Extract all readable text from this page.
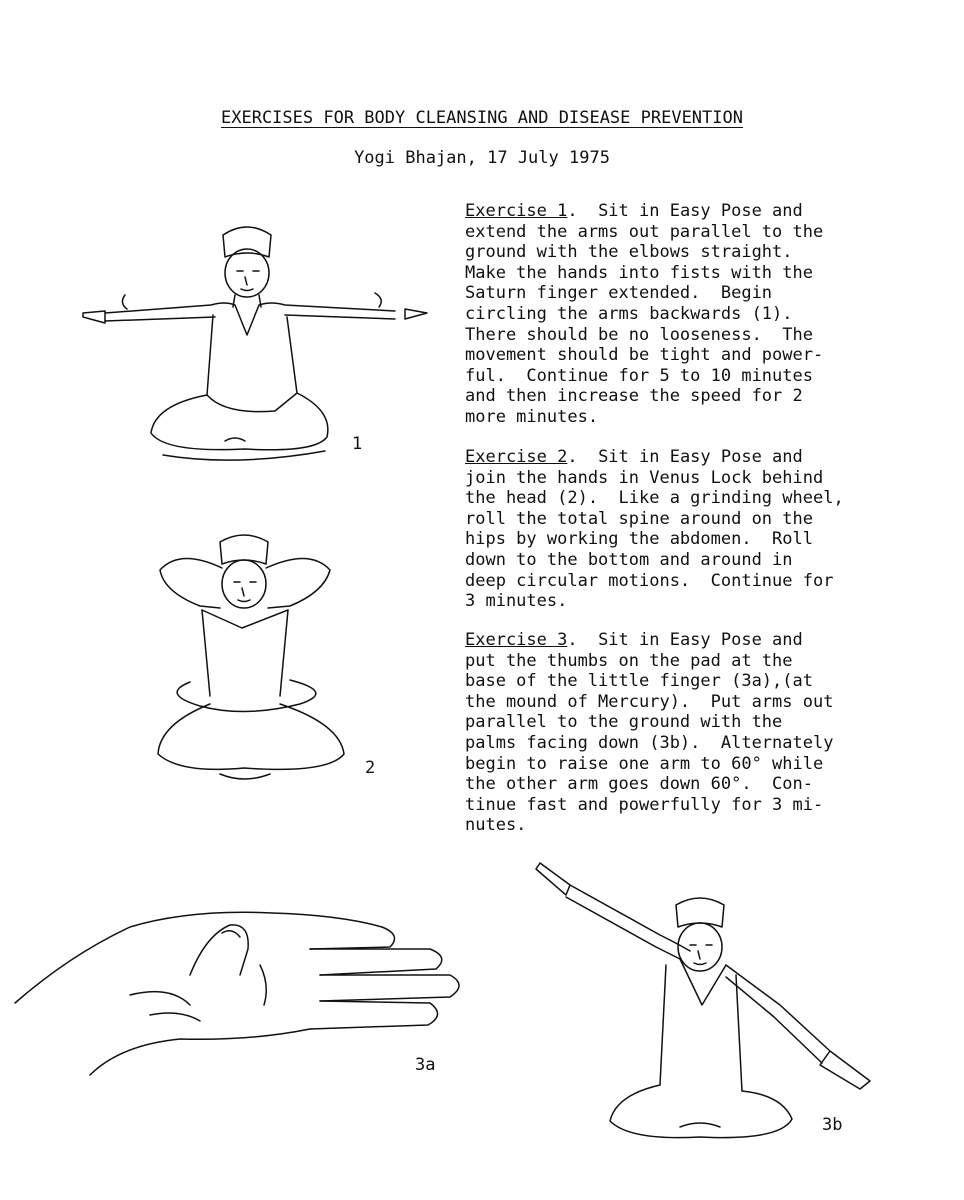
EXERCISES FOR BODY CLEANSING AND DISEASE PREVENTION
Yogi Bhajan, 17 July 1975
Exercise 1.  Sit in Easy Pose and
extend the arms out parallel to the
ground with the elbows straight.
Make the hands into fists with the
Saturn finger extended.  Begin
circling the arms backwards (1).
There should be no looseness.  The
movement should be tight and power-
ful.  Continue for 5 to 10 minutes
and then increase the speed for 2
more minutes.
Exercise 2.  Sit in Easy Pose and
join the hands in Venus Lock behind
the head (2).  Like a grinding wheel,
roll the total spine around on the
hips by working the abdomen.  Roll
down to the bottom and around in
deep circular motions.  Continue for
3 minutes.
Exercise 3.  Sit in Easy Pose and
put the thumbs on the pad at the
base of the little finger (3a),(at
the mound of Mercury).  Put arms out
parallel to the ground with the
palms facing down (3b).  Alternately
begin to raise one arm to 60° while
the other arm goes down 60°.  Con-
tinue fast and powerfully for 3 mi-
nutes.
1
2
3a
3b
